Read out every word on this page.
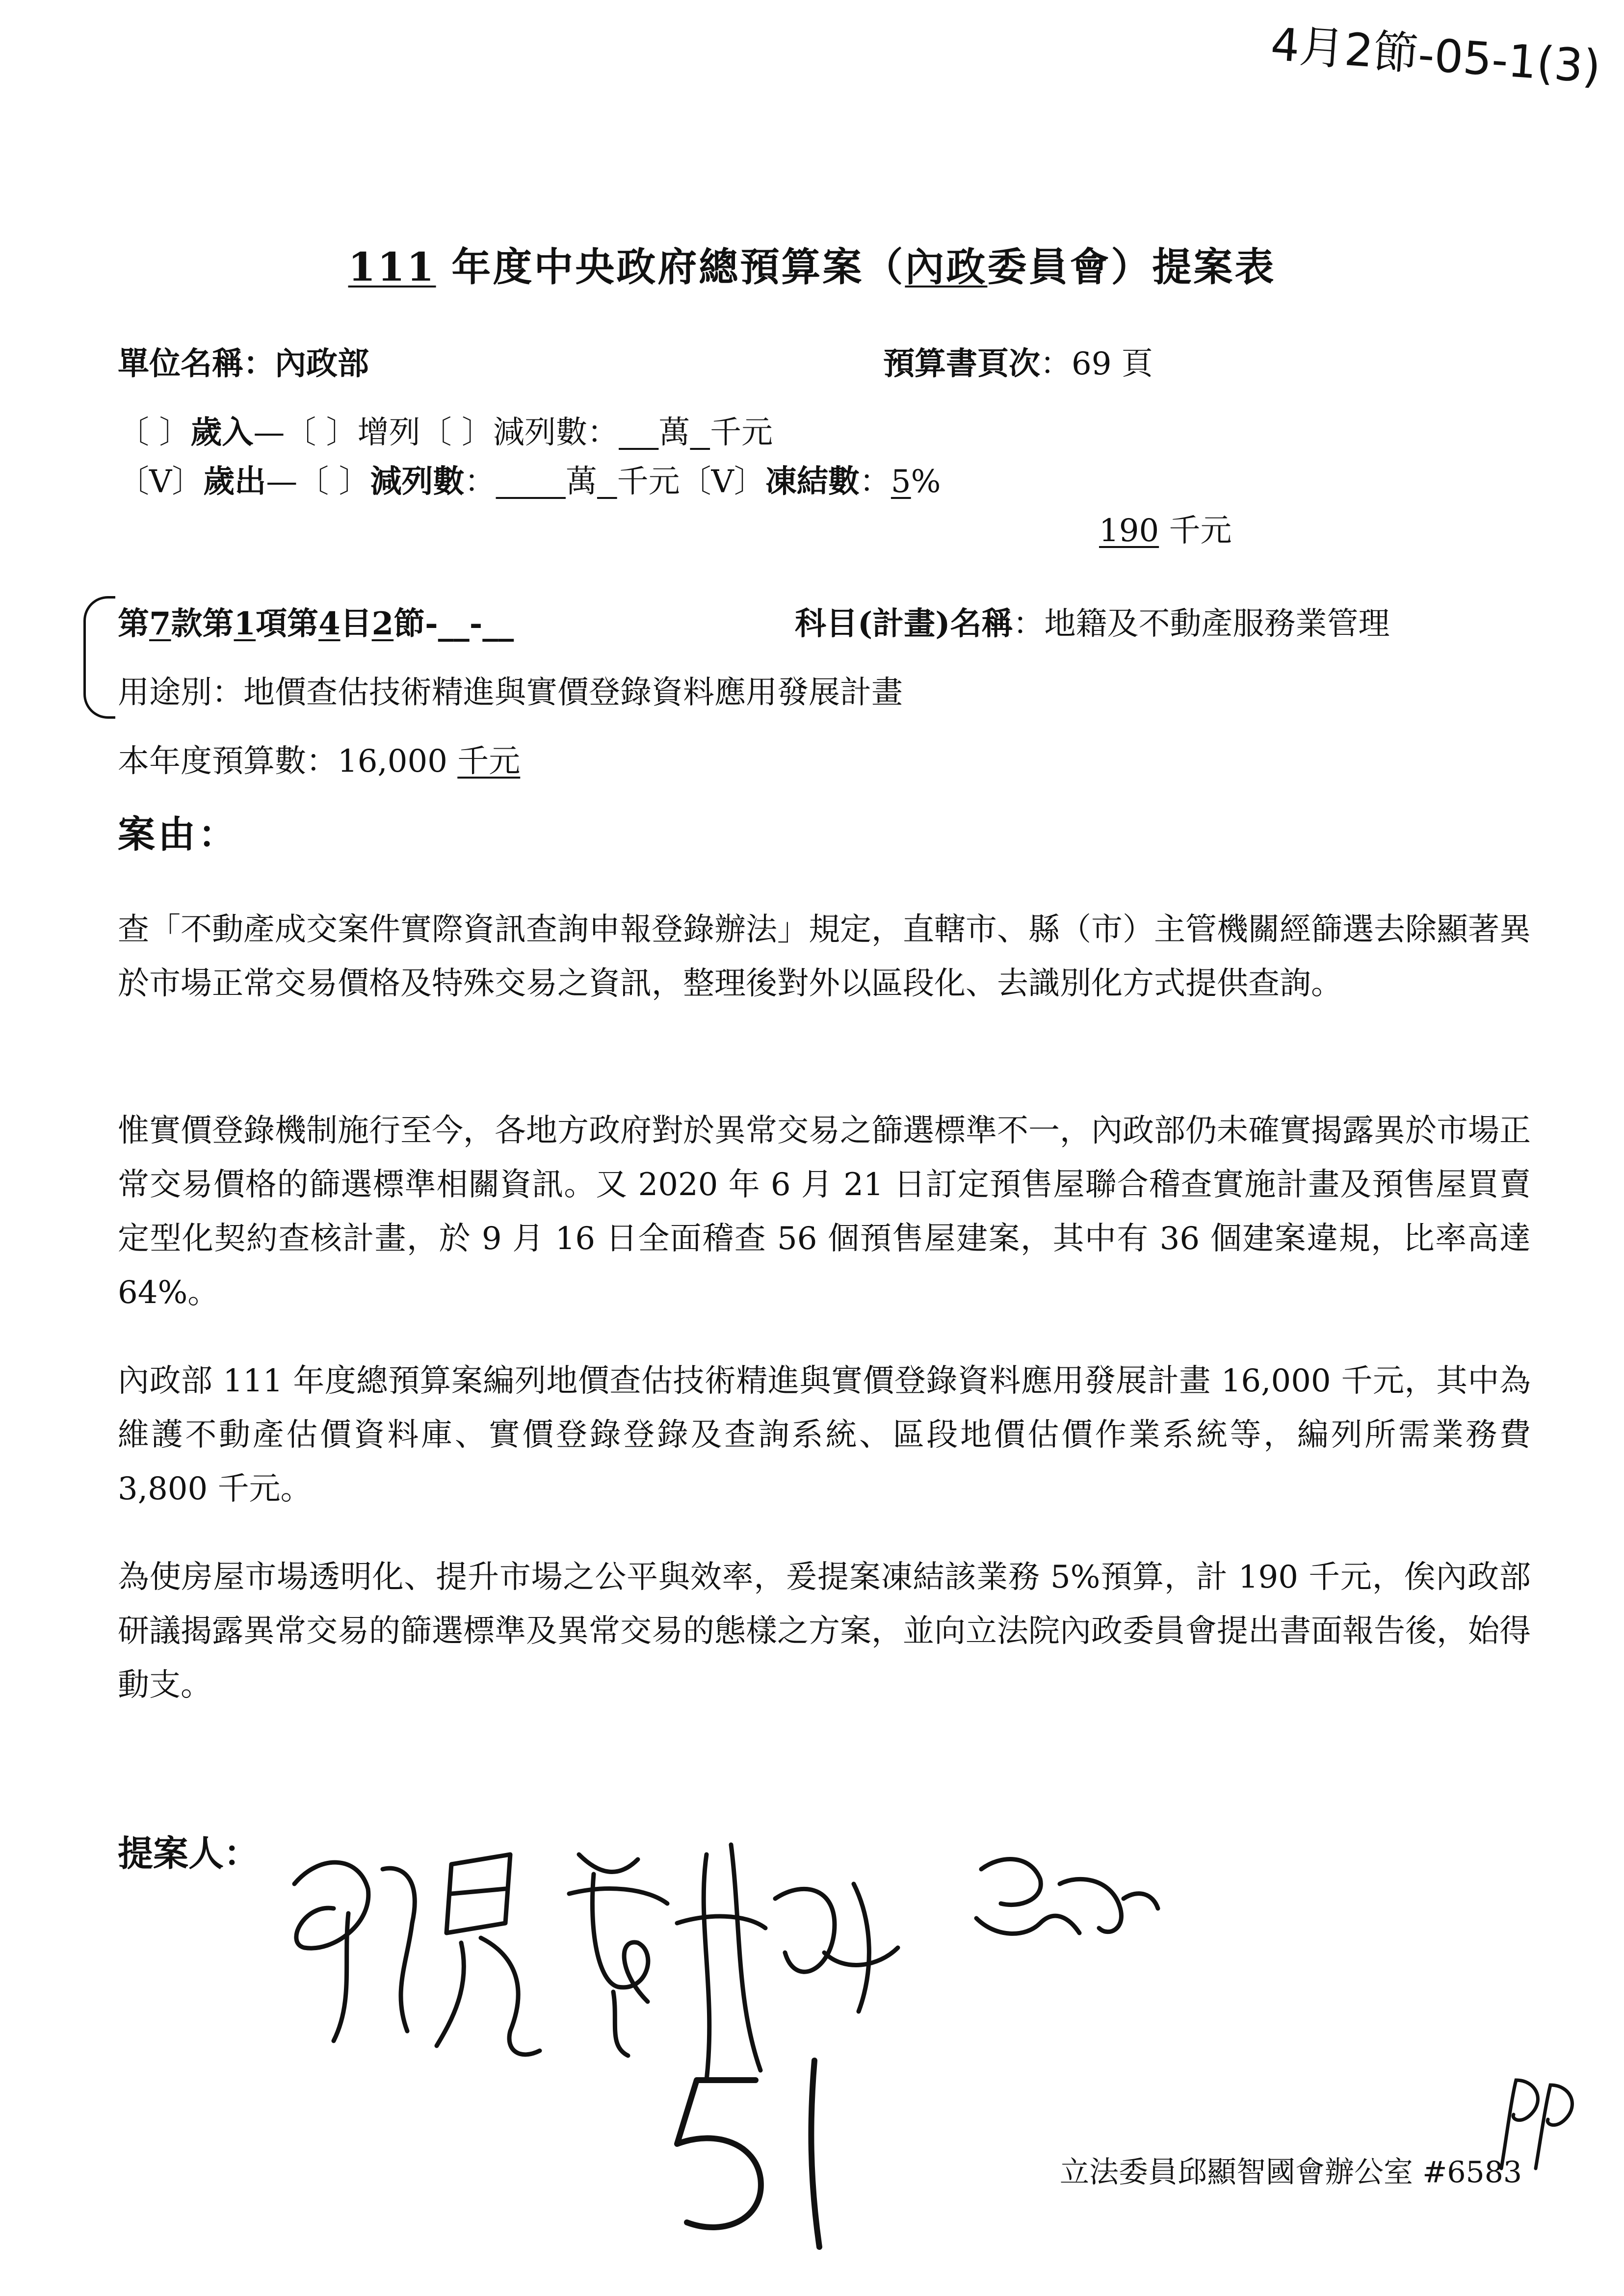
4月2節-05-1(3)
111 年度中央政府總預算案（內政委員會）提案表
單位名稱：內政部	預算書頁次：69 頁
〔 〕歲入—〔 〕增列〔 〕減列數： 萬 千元
〔V〕歲出—〔 〕減列數： 萬 千元〔V〕凍結數：5%
190 千元
第7款第1項第4目2節-__-__	科目(計畫)名稱：地籍及不動產服務業管理
用途別：地價查估技術精進與實價登錄資料應用發展計畫
本年度預算數：16,000 千元
案由：
查「不動產成交案件實際資訊查詢申報登錄辦法」規定，直轄市、縣（市）主管機關經篩選去除顯著異於市場正常交易價格及特殊交易之資訊，整理後對外以區段化、去識別化方式提供查詢。
惟實價登錄機制施行至今，各地方政府對於異常交易之篩選標準不一，內政部仍未確實揭露異於市場正常交易價格的篩選標準相關資訊。又 2020 年 6 月 21 日訂定預售屋聯合稽查實施計畫及預售屋買賣定型化契約查核計畫，於 9 月 16 日全面稽查 56 個預售屋建案，其中有 36 個建案違規，比率高達 64%。
內政部 111 年度總預算案編列地價查估技術精進與實價登錄資料應用發展計畫 16,000 千元，其中為維護不動產估價資料庫、實價登錄登錄及查詢系統、區段地價估價作業系統等，編列所需業務費 3,800 千元。
為使房屋市場透明化、提升市場之公平與效率，爰提案凍結該業務 5%預算，計 190 千元，俟內政部研議揭露異常交易的篩選標準及異常交易的態樣之方案，並向立法院內政委員會提出書面報告後，始得動支。
提案人：
立法委員邱顯智國會辦公室 #6583
